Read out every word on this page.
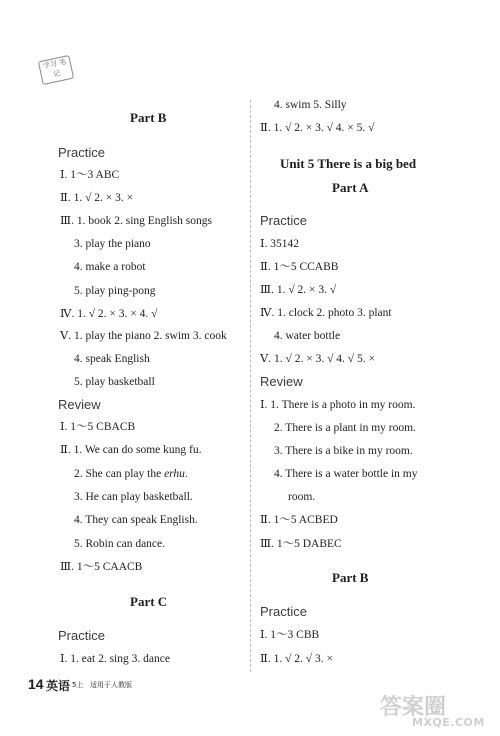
学习 笔记
Part B
Practice
Ⅰ. 1～3 ABC
Ⅱ. 1. √ 2. × 3. ×
Ⅲ. 1. book 2. sing English songs
3. play the piano
4. make a robot
5. play ping-pong
Ⅳ. 1. √ 2. × 3. × 4. √
Ⅴ. 1. play the piano 2. swim 3. cook
4. speak English
5. play basketball
Review
Ⅰ. 1～5 CBACB
Ⅱ. 1. We can do some kung fu.
2. She can play the erhu.
3. He can play basketball.
4. They can speak English.
5. Robin can dance.
Ⅲ. 1～5 CAACB
Part C
Practice
Ⅰ. 1. eat 2. sing 3. dance
4. swim 5. Silly
Ⅱ. 1. √ 2. × 3. √ 4. × 5. √
Unit 5 There is a big bed
Part A
Practice
Ⅰ. 35142
Ⅱ. 1～5 CCABB
Ⅲ. 1. √ 2. × 3. √
Ⅳ. 1. clock 2. photo 3. plant
4. water bottle
Ⅴ. 1. √ 2. × 3. √ 4. √ 5. ×
Review
Ⅰ. 1. There is a photo in my room.
2. There is a plant in my room.
3. There is a bike in my room.
4. There is a water bottle in my
room.
Ⅱ. 1～5 ACBED
Ⅲ. 1～5 DABEC
Part B
Practice
Ⅰ. 1～3 CBB
Ⅱ. 1. √ 2. √ 3. ×
14 英语 5上 适用于人教版
答案圈
MXQE.COM
